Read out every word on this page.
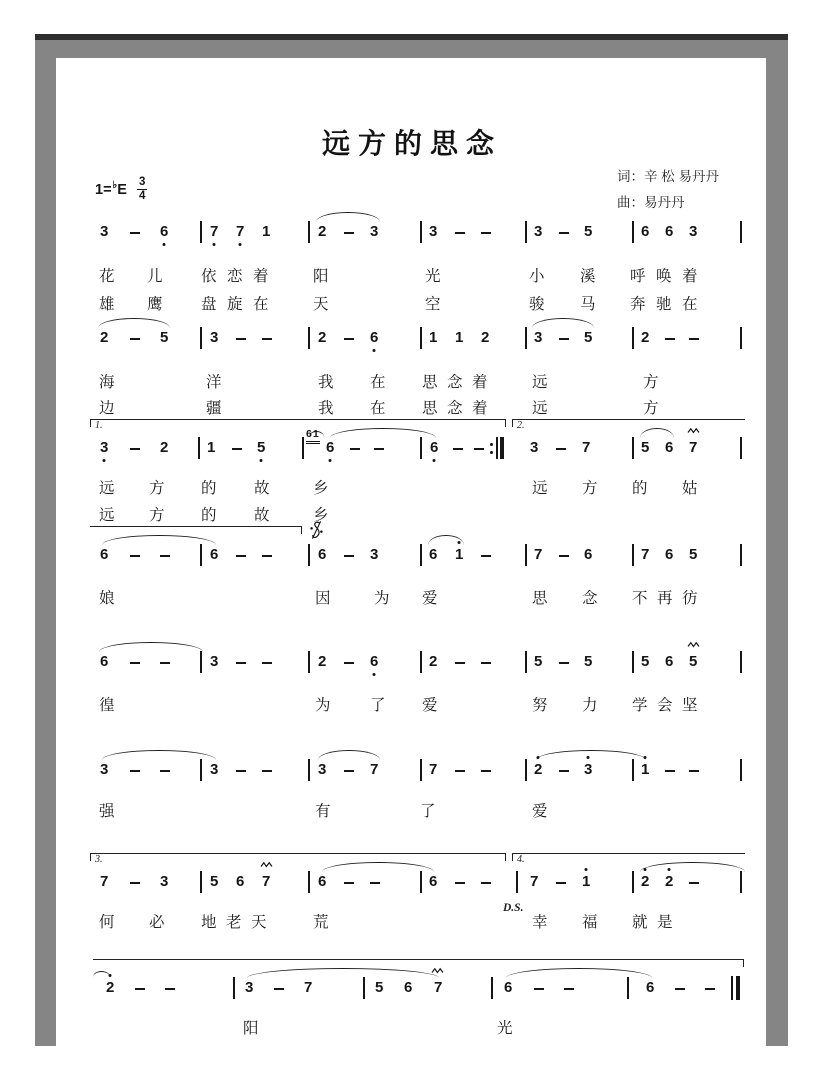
远方的思念
词：辛 松 易丹丹
曲：易丹丹
1= ♭ E $\frac{3}{4}$
3	6	7 7 1	2	3	3	3	5	6 6 3
花 儿 依 恋 着	阳	光	小 溪 呼 唤 着
雄 鹰 盘 旋 在	天	空	骏 马 奔 驰 在
2	5	3	2	6	1 1 2	3	5	2
海	洋	我 在 思 念 着	远	方
边	疆	我 在 思 念 着	远	方
1.	2.
61
3	2	1	5	6	6	3	7	5 6 7
远 方 的 故	乡	远 方 的 姑
远 方 的 故	乡
6	6	6	3	6 1	7	6	7 6 5
娘	因	为 爱	思 念 不 再 彷
6	3	2	6	2	5	5	5 6 5
徨	为	了 爱	努 力 学 会 坚
3	3	3	7	7	2	3	1
强	有	了	爱
3.	4.
7	3	5 6 7	6	6	7	1	2 2
D.S.
何 必 地 老 天	荒	幸 福 就 是
2	3	7	5 6 7	6	6
阳	光
